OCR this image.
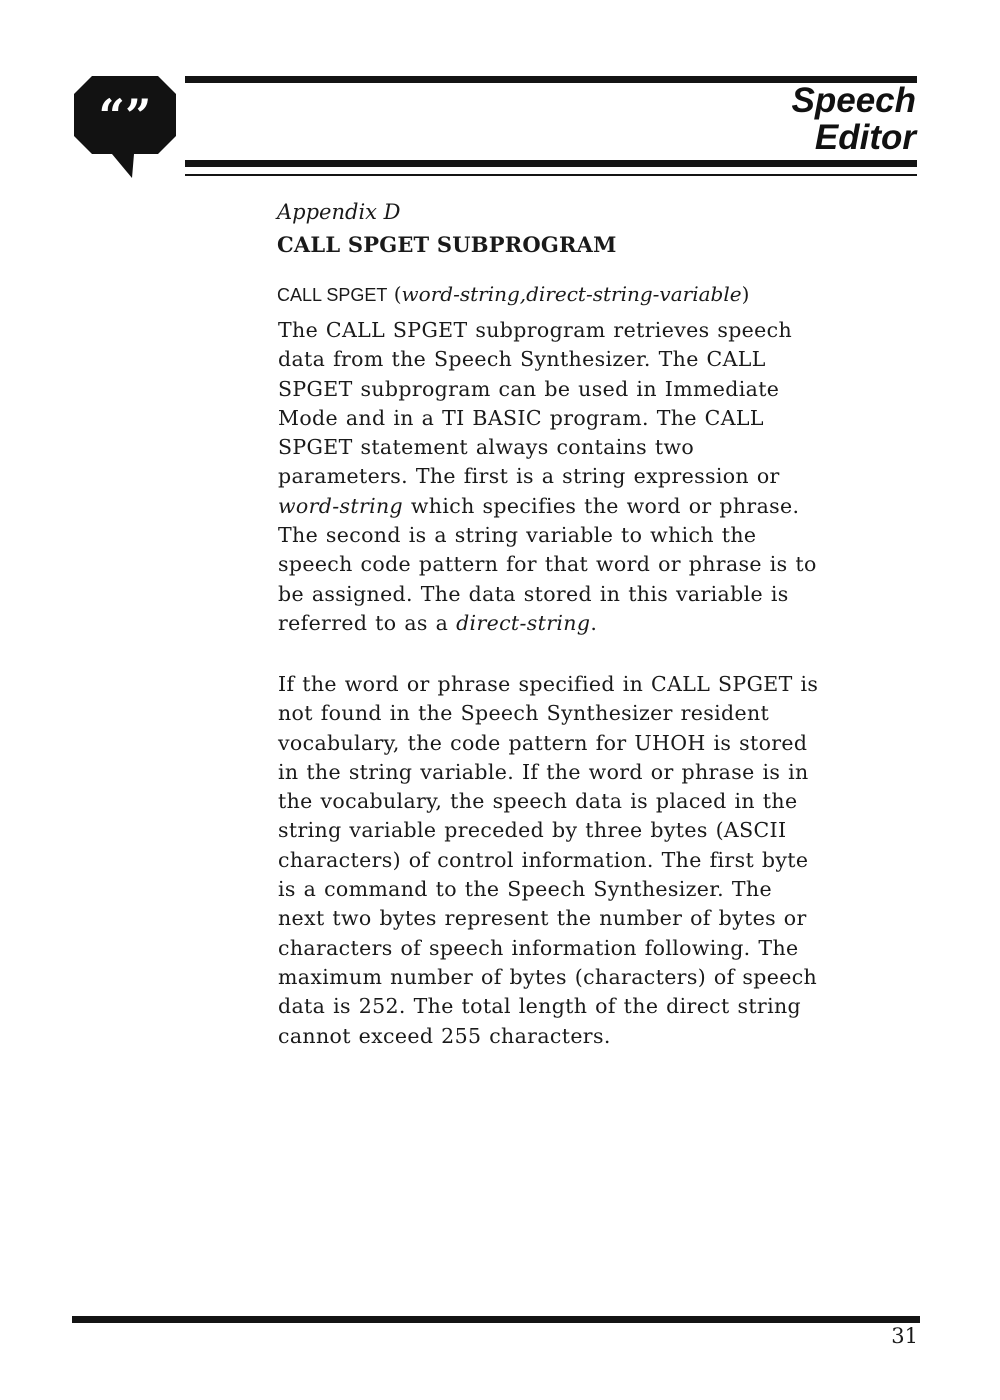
“”	Speech
Editor
Appendix D
CALL SPGET SUBPROGRAM
CALL SPGET (word-string,direct-string-variable)
The CALL SPGET subprogram retrieves speech
data from the Speech Synthesizer. The CALL
SPGET subprogram can be used in Immediate
Mode and in a TI BASIC program. The CALL
SPGET statement always contains two
parameters. The first is a string expression or
word-string which specifies the word or phrase.
The second is a string variable to which the
speech code pattern for that word or phrase is to
be assigned. The data stored in this variable is
referred to as a direct-string.
If the word or phrase specified in CALL SPGET is
not found in the Speech Synthesizer resident
vocabulary, the code pattern for UHOH is stored
in the string variable. If the word or phrase is in
the vocabulary, the speech data is placed in the
string variable preceded by three bytes (ASCII
characters) of control information. The first byte
is a command to the Speech Synthesizer. The
next two bytes represent the number of bytes or
characters of speech information following. The
maximum number of bytes (characters) of speech
data is 252. The total length of the direct string
cannot exceed 255 characters.
31
